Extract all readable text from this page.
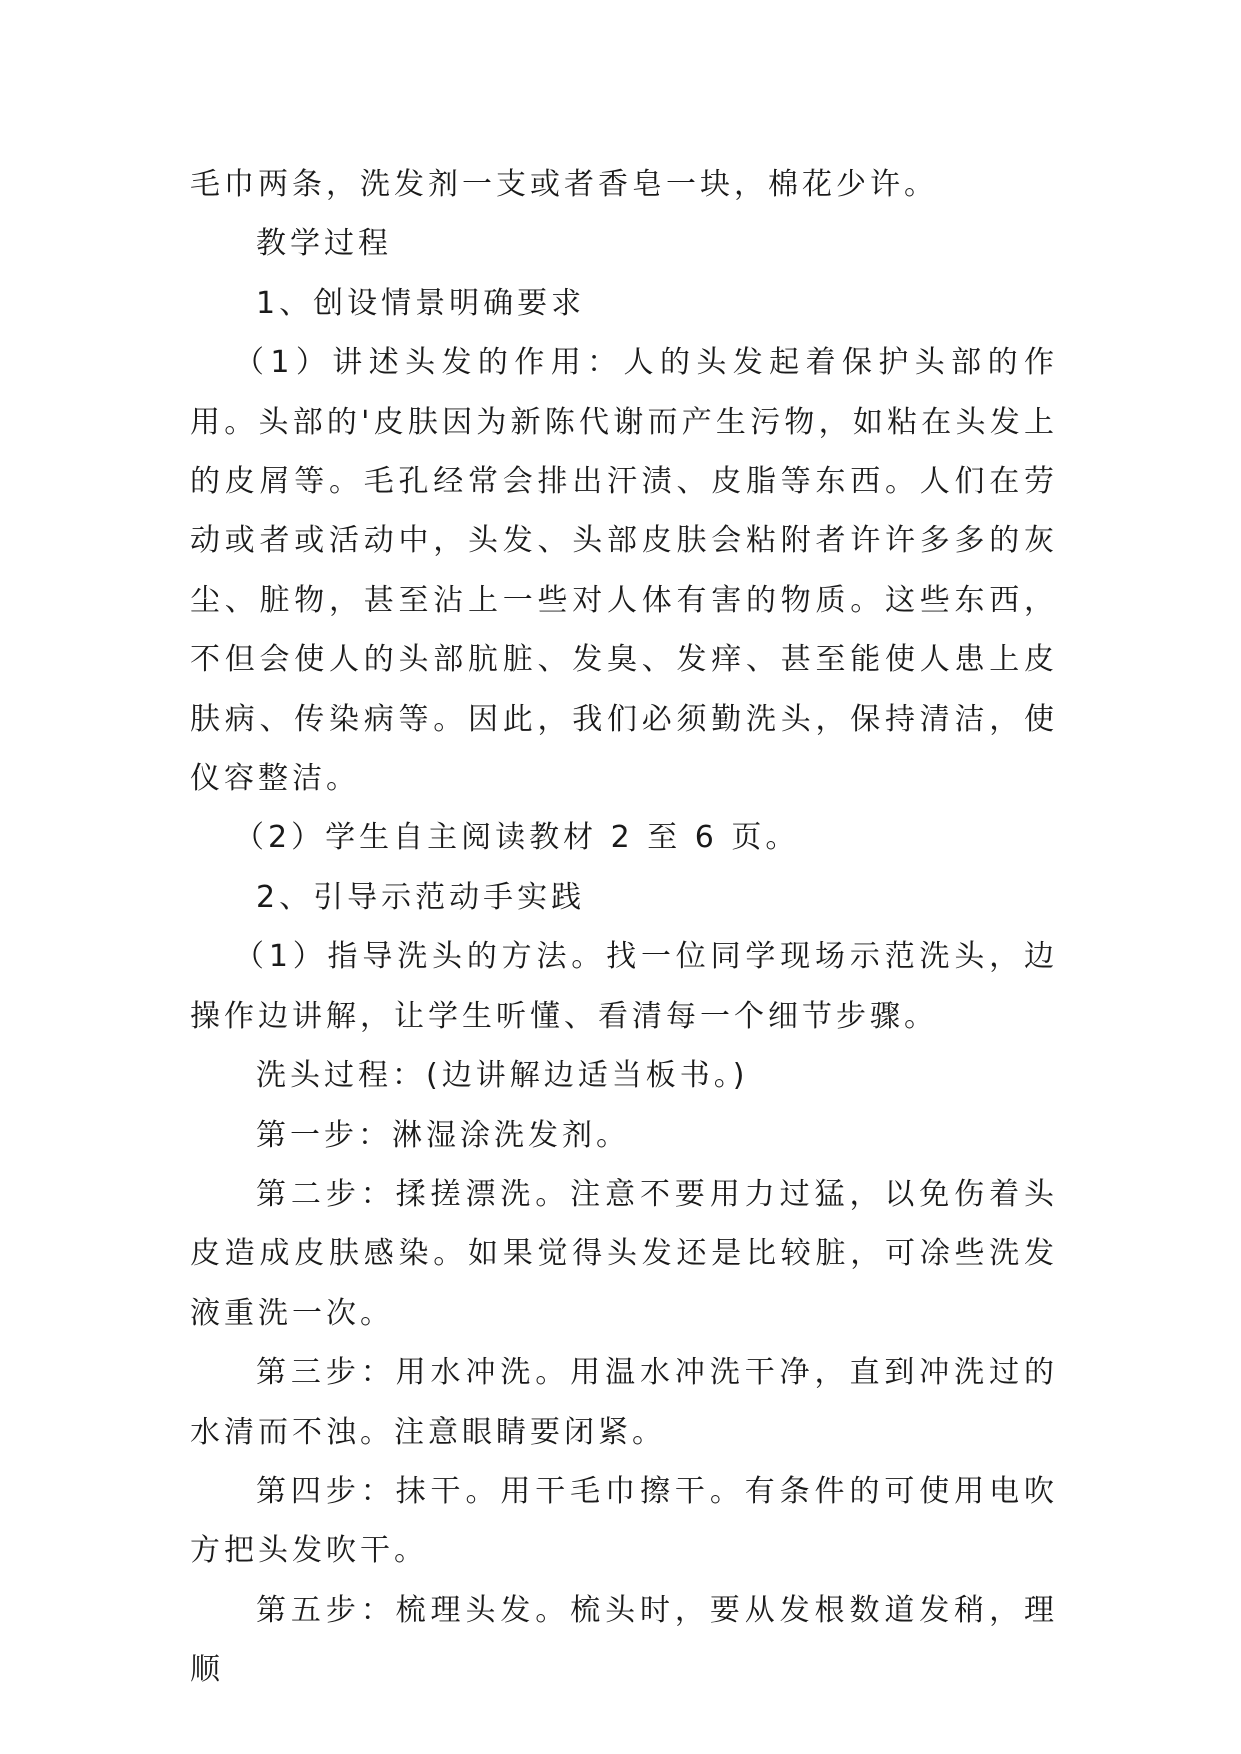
毛巾两条，洗发剂一支或者香皂一块，棉花少许。

教学过程

1、创设情景明确要求

（1）讲述头发的作用：人的头发起着保护头部的作用。头部的'皮肤因为新陈代谢而产生污物，如粘在头发上的皮屑等。毛孔经常会排出汗渍、皮脂等东西。人们在劳动或者或活动中，头发、头部皮肤会粘附者许许多多的灰尘、脏物，甚至沾上一些对人体有害的物质。这些东西，不但会使人的头部肮脏、发臭、发痒、甚至能使人患上皮肤病、传染病等。因此，我们必须勤洗头，保持清洁，使仪容整洁。

（2）学生自主阅读教材 2 至 6 页。

2、引导示范动手实践

（1）指导洗头的方法。找一位同学现场示范洗头，边操作边讲解，让学生听懂、看清每一个细节步骤。

洗头过程：(边讲解边适当板书。)

第一步：淋湿涂洗发剂。

第二步：揉搓漂洗。注意不要用力过猛，以免伤着头皮造成皮肤感染。如果觉得头发还是比较脏，可凃些洗发液重洗一次。

第三步：用水冲洗。用温水冲洗干净，直到冲洗过的水清而不浊。注意眼睛要闭紧。

第四步：抹干。用干毛巾擦干。有条件的可使用电吹方把头发吹干。

第五步：梳理头发。梳头时，要从发根数道发稍，理顺
